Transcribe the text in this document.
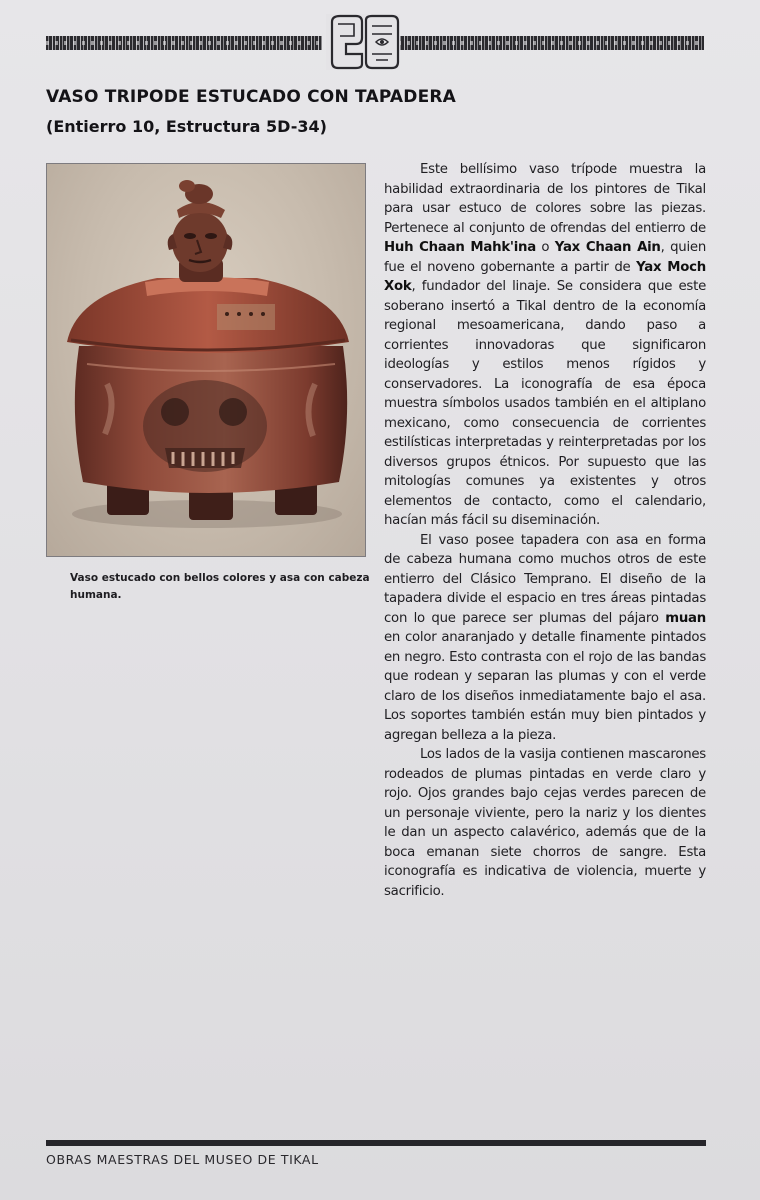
VASO TRIPODE ESTUCADO CON TAPADERA
(Entierro 10, Estructura 5D-34)

Vaso estucado con bellos colores y asa con cabeza humana.

Este bellísimo vaso trípode muestra la habilidad extraordinaria de los pintores de Tikal para usar estuco de colores sobre las piezas. Pertenece al conjunto de ofrendas del entierro de Huh Chaan Mahk'ina o Yax Chaan Ain, quien fue el noveno gobernante a partir de Yax Moch Xok, fundador del linaje. Se considera que este soberano insertó a Tikal dentro de la economía regional mesoamericana, dando paso a corrientes innovadoras que significaron ideologías y estilos menos rígidos y conservadores. La iconografía de esa época muestra símbolos usados también en el altiplano mexicano, como consecuencia de corrientes estilísticas interpretadas y reinterpretadas por los diversos grupos étnicos. Por supuesto que las mitologías comunes ya existentes y otros elementos de contacto, como el calendario, hacían más fácil su diseminación.

El vaso posee tapadera con asa en forma de cabeza humana como muchos otros de este entierro del Clásico Temprano. El diseño de la tapadera divide el espacio en tres áreas pintadas con lo que parece ser plumas del pájaro muan en color anaranjado y detalle finamente pintados en negro. Esto contrasta con el rojo de las bandas que rodean y separan las plumas y con el verde claro de los diseños inmediatamente bajo el asa. Los soportes también están muy bien pintados y agregan belleza a la pieza.

Los lados de la vasija contienen mascarones rodeados de plumas pintadas en verde claro y rojo. Ojos grandes bajo cejas verdes parecen de un personaje viviente, pero la nariz y los dientes le dan un aspecto calavérico, además que de la boca emanan siete chorros de sangre. Esta iconografía es indicativa de violencia, muerte y sacrificio.

OBRAS MAESTRAS DEL MUSEO DE TIKAL
